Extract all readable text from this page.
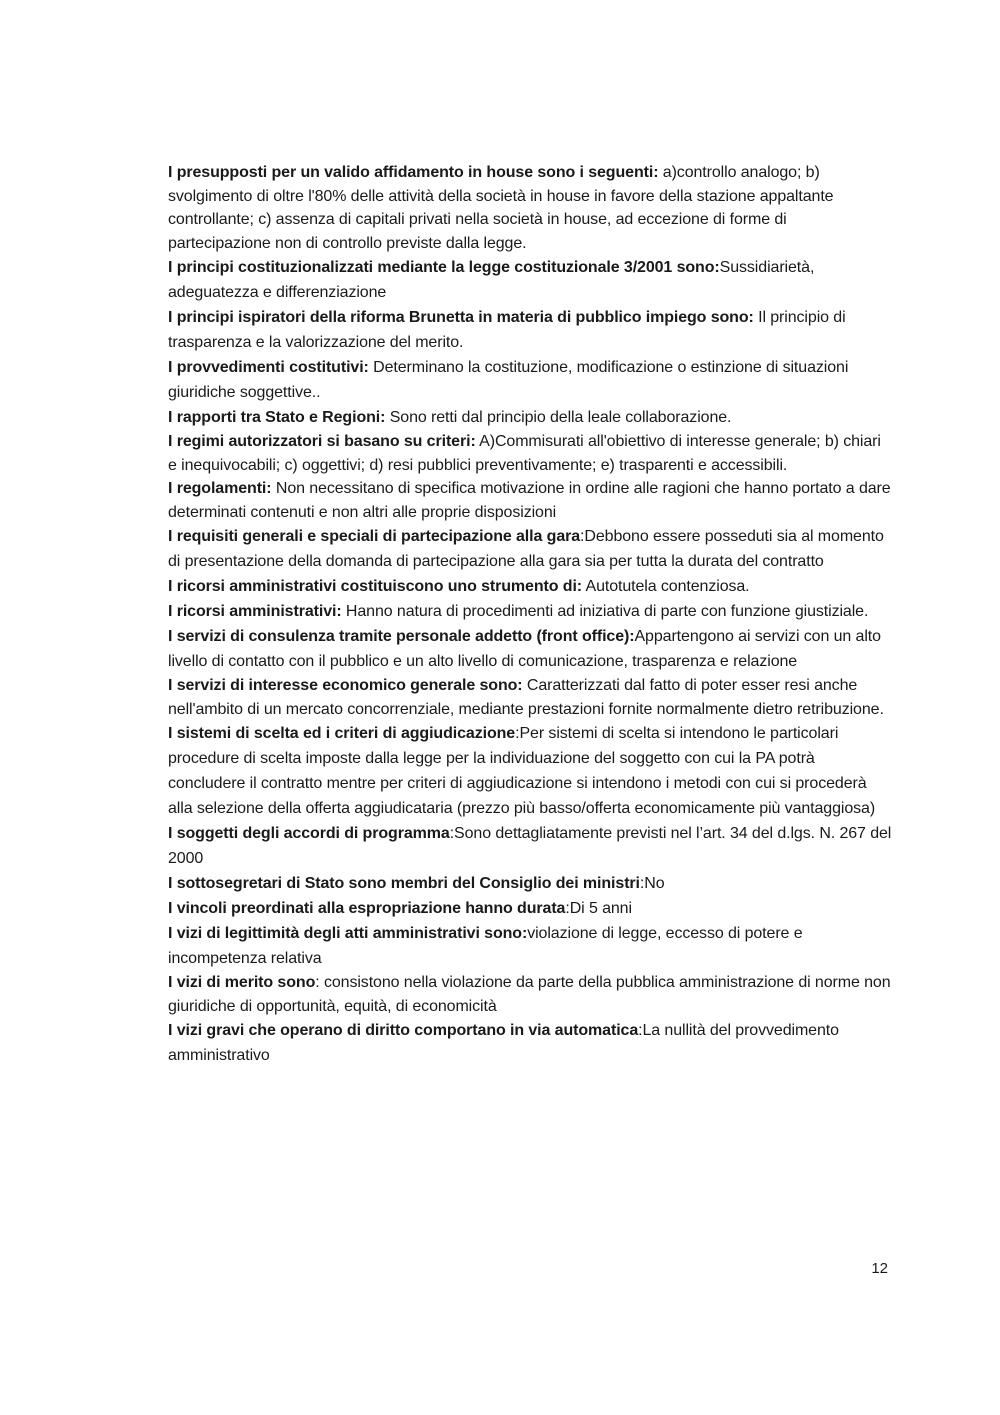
I presupposti per un valido affidamento in house sono i seguenti: a)controllo analogo; b) svolgimento di oltre l'80% delle attività della società in house in favore della stazione appaltante controllante; c) assenza di capitali privati nella società in house, ad eccezione di forme di partecipazione non di controllo previste dalla legge.

I principi costituzionalizzati mediante la legge costituzionale 3/2001 sono:Sussidiarietà, adeguatezza e differenziazione

I principi ispiratori della riforma Brunetta in materia di pubblico impiego sono: Il principio di trasparenza e la valorizzazione del merito.

I provvedimenti costitutivi: Determinano la costituzione, modificazione o estinzione di situazioni giuridiche soggettive..

I rapporti tra Stato e Regioni: Sono retti dal principio della leale collaborazione.

I regimi autorizzatori si basano su criteri: A)Commisurati all'obiettivo di interesse generale; b) chiari e inequivocabili; c) oggettivi; d) resi pubblici preventivamente; e) trasparenti e accessibili.

I regolamenti: Non necessitano di specifica motivazione in ordine alle ragioni che hanno portato a dare determinati contenuti e non altri alle proprie disposizioni

I requisiti generali e speciali di partecipazione alla gara:Debbono essere posseduti sia al momento di presentazione della domanda di partecipazione alla gara sia per tutta la durata del contratto

I ricorsi amministrativi costituiscono uno strumento di: Autotutela contenziosa.

I ricorsi amministrativi: Hanno natura di procedimenti ad iniziativa di parte con funzione giustiziale.

I servizi di consulenza tramite personale addetto (front office):Appartengono ai servizi con un alto livello di contatto con il pubblico e un alto livello di comunicazione, trasparenza e relazione

I servizi di interesse economico generale sono: Caratterizzati dal fatto di poter esser resi anche nell'ambito di un mercato concorrenziale, mediante prestazioni fornite normalmente dietro retribuzione.

I sistemi di scelta ed i criteri di aggiudicazione:Per sistemi di scelta si intendono le particolari procedure di scelta imposte dalla legge per la individuazione del soggetto con cui la PA potrà concludere il contratto mentre per criteri di aggiudicazione si intendono i metodi con cui si procederà alla selezione della offerta aggiudicataria (prezzo più basso/offerta economicamente più vantaggiosa)

I soggetti degli accordi di programma:Sono dettagliatamente previsti nel l’art. 34 del d.lgs. N. 267 del 2000

I sottosegretari di Stato sono membri del Consiglio dei ministri:No

I vincoli preordinati alla espropriazione hanno durata:Di 5 anni

I vizi di legittimità degli atti amministrativi sono:violazione di legge, eccesso di potere e incompetenza relativa

I vizi di merito sono: consistono nella violazione da parte della pubblica amministrazione di norme non giuridiche di opportunità, equità, di economicità

I vizi gravi che operano di diritto comportano in via automatica:La nullità del provvedimento amministrativo

12
